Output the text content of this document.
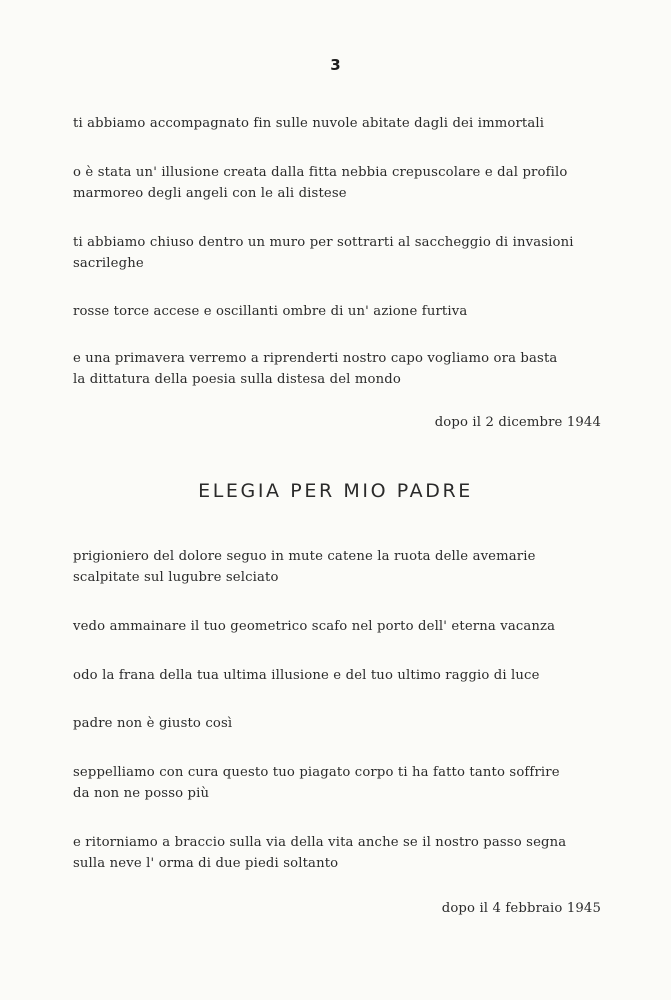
3
ti abbiamo accompagnato fin sulle nuvole abitate dagli dei immortali
o è stata un' illusione creata dalla fitta nebbia crepuscolare e dal profilo
marmoreo degli angeli con le ali distese
ti abbiamo chiuso dentro un muro per sottrarti al saccheggio di invasioni
sacrileghe
rosse torce accese e oscillanti ombre di un' azione furtiva
e una primavera verremo a riprenderti nostro capo vogliamo ora basta
la dittatura della poesia sulla distesa del mondo
dopo il 2 dicembre 1944
ELEGIA PER MIO PADRE
prigioniero del dolore seguo in mute catene la ruota delle avemarie
scalpitate sul lugubre selciato
vedo ammainare il tuo geometrico scafo nel porto dell' eterna vacanza
odo la frana della tua ultima illusione e del tuo ultimo raggio di luce
padre non è giusto così
seppelliamo con cura questo tuo piagato corpo ti ha fatto tanto soffrire
da non ne posso più
e ritorniamo a braccio sulla via della vita anche se il nostro passo segna
sulla neve l' orma di due piedi soltanto
dopo il 4 febbraio 1945
